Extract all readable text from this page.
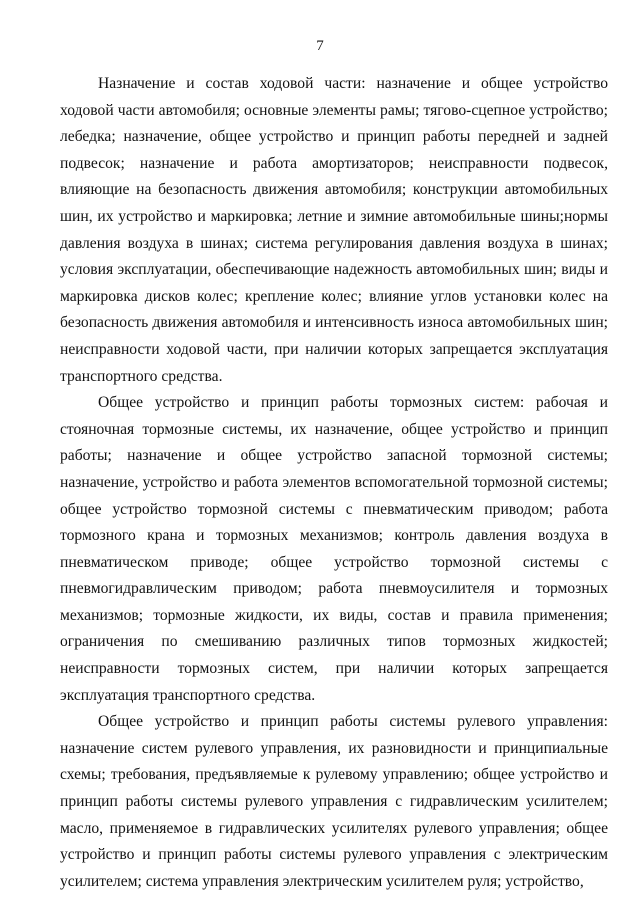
7

Назначение и состав ходовой части: назначение и общее устройство ходовой части автомобиля; основные элементы рамы; тягово-сцепное устройство; лебедка; назначение, общее устройство и принцип работы передней и задней подвесок; назначение и работа амортизаторов; неисправности подвесок, влияющие на безопасность движения автомобиля; конструкции автомобильных шин, их устройство и маркировка; летние и зимние автомобильные шины;нормы давления воздуха в шинах; система регулирования давления воздуха в шинах; условия эксплуатации, обеспечивающие надежность автомобильных шин; виды и маркировка дисков колес; крепление колес; влияние углов установки колес на безопасность движения автомобиля и интенсивность износа автомобильных шин; неисправности ходовой части, при наличии которых запрещается эксплуатация транспортного средства.

Общее устройство и принцип работы тормозных систем: рабочая и стояночная тормозные системы, их назначение, общее устройство и принцип работы; назначение и общее устройство запасной тормозной системы; назначение, устройство и работа элементов вспомогательной тормозной системы; общее устройство тормозной системы с пневматическим приводом; работа тормозного крана и тормозных механизмов; контроль давления воздуха в пневматическом приводе; общее устройство тормозной системы с пневмогидравлическим приводом; работа пневмоусилителя и тормозных механизмов; тормозные жидкости, их виды, состав и правила применения; ограничения по смешиванию различных типов тормозных жидкостей; неисправности тормозных систем, при наличии которых запрещается эксплуатация транспортного средства.

Общее устройство и принцип работы системы рулевого управления: назначение систем рулевого управления, их разновидности и принципиальные схемы; требования, предъявляемые к рулевому управлению; общее устройство и принцип работы системы рулевого управления с гидравлическим усилителем; масло, применяемое в гидравлических усилителях рулевого управления; общее устройство и принцип работы системы рулевого управления с электрическим усилителем; система управления электрическим усилителем руля; устройство,
